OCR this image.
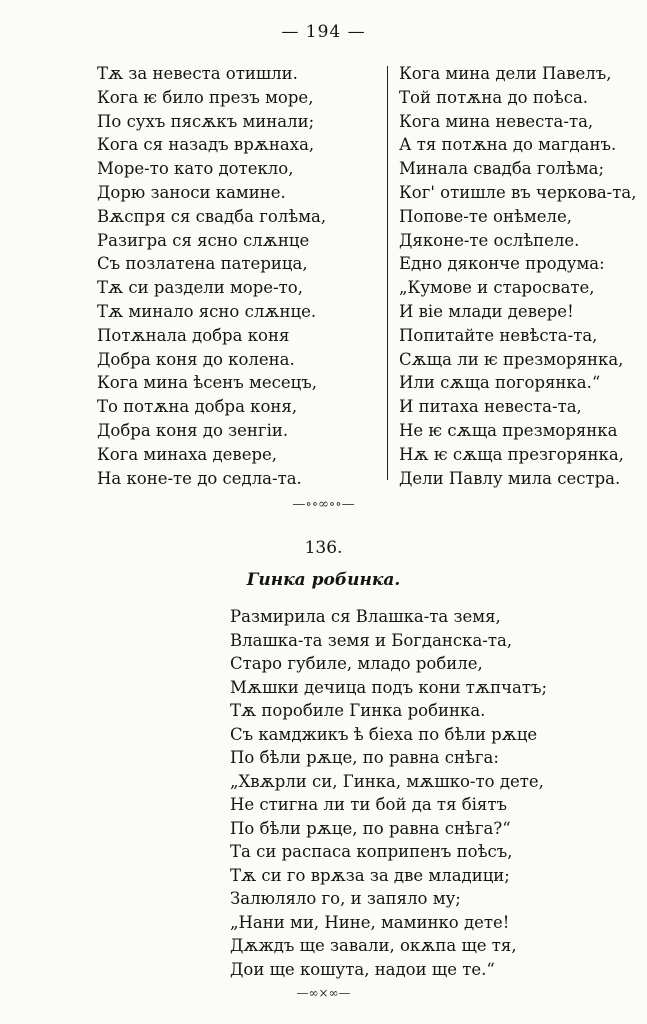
— 194 —
Тѫ за невеста отишли.
Кога ѥ било презъ море,
По сухъ пясѫкъ минали;
Кога ся назадъ врѫнаха,
Море-то като дотекло,
Дорю заноси камине.
Вѫспря ся свадба голѣма,
Разигра ся ясно слѫнце
Съ позлатена патерица,
Тѫ си раздели море-то,
Тѫ минало ясно слѫнце.
Потѫнала добра коня
Добра коня до колена.
Кога мина ѣсенъ месецъ,
То потѫна добра коня,
Добра коня до зенгіи.
Кога минаха девере,
На коне-те до седла-та.
Кога мина дели Павелъ,
Той потѫна до поѣса.
Кога мина невеста-та,
А тя потѫна до магданъ.
Минала свадба голѣма;
Ког' отишле въ черкова-та,
Попове-те онѣмеле,
Дяконе-те ослѣпеле.
Едно дяконче продума:
„Кумове и старосвате,
И віе млади девере!
Попитайте невѣста-та,
Сѫща ли ѥ презморянка,
Или сѫща погорянка.“
И питаха невеста-та,
Не ѥ сѫща презморянка
Нѫ ѥ сѫща презгорянка,
Дели Павлу мила сестра.
—∘∘∞∘∘—
136.
Гинка робинка.
Размирила ся Влашка-та земя,
Влашка-та земя и Богданска-та,
Старо губиле, младо робиле,
Мѫшки дечица подъ кони тѫпчатъ;
Тѫ поробиле Гинка робинка.
Съ камджикъ ѣ біеха по бѣли рѫце
По бѣли рѫце, по равна снѣга:
„Хвѫрли си, Гинка, мѫшко-то дете,
Не стигна ли ти бой да тя біятъ
По бѣли рѫце, по равна снѣга?“
Та си распаса коприпенъ поѣсъ,
Тѫ си го врѫза за две младици;
Залюляло го, и запяло му;
„Нани ми, Нине, маминко дете!
Дѫждъ ще завали, окѫпа ще тя,
Дои ще кошута, надои ще те.“
—∞×∞—
